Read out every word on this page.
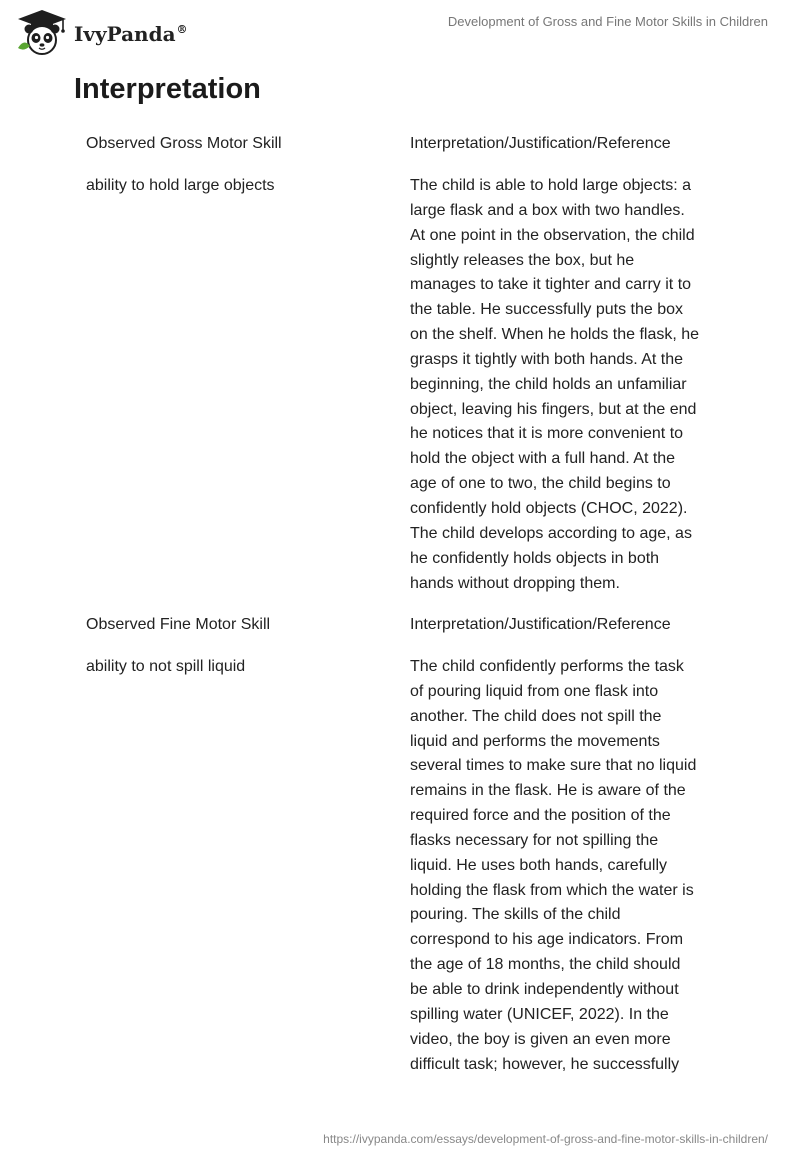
IvyPanda®
Development of Gross and Fine Motor Skills in Children
Interpretation
Observed Gross Motor Skill	Interpretation/Justification/Reference
ability to hold large objects	The child is able to hold large objects: a
large flask and a box with two handles.
At one point in the observation, the child
slightly releases the box, but he
manages to take it tighter and carry it to
the table. He successfully puts the box
on the shelf. When he holds the flask, he
grasps it tightly with both hands. At the
beginning, the child holds an unfamiliar
object, leaving his fingers, but at the end
he notices that it is more convenient to
hold the object with a full hand. At the
age of one to two, the child begins to
confidently hold objects (CHOC, 2022).
The child develops according to age, as
he confidently holds objects in both
hands without dropping them.
Observed Fine Motor Skill	Interpretation/Justification/Reference
ability to not spill liquid	The child confidently performs the task
of pouring liquid from one flask into
another. The child does not spill the
liquid and performs the movements
several times to make sure that no liquid
remains in the flask. He is aware of the
required force and the position of the
flasks necessary for not spilling the
liquid. He uses both hands, carefully
holding the flask from which the water is
pouring. The skills of the child
correspond to his age indicators. From
the age of 18 months, the child should
be able to drink independently without
spilling water (UNICEF, 2022). In the
video, the boy is given an even more
difficult task; however, he successfully
https://ivypanda.com/essays/development-of-gross-and-fine-motor-skills-in-children/
